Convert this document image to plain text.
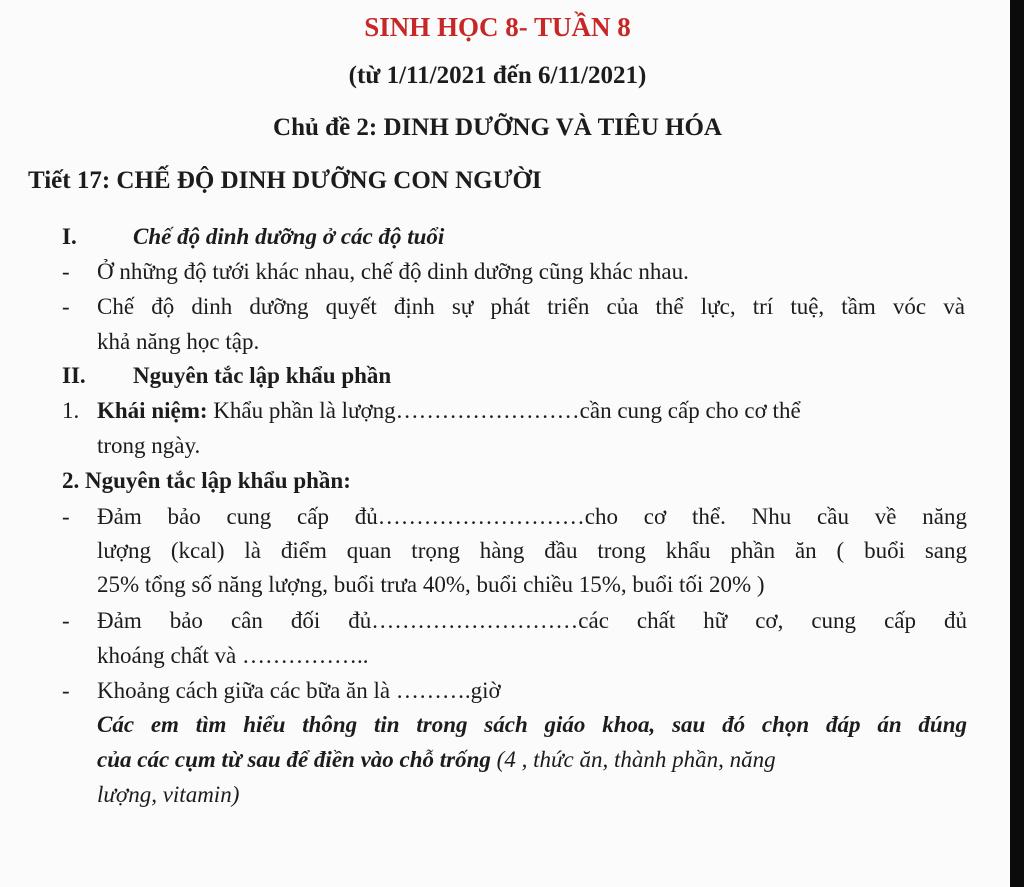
SINH HỌC 8- TUẦN 8
(từ 1/11/2021 đến 6/11/2021)
Chủ đề 2: DINH DƯỠNG VÀ TIÊU HÓA
Tiết 17: CHẾ ĐỘ DINH DƯỠNG CON NGƯỜI
I. Chế độ dinh dưỡng ở các độ tuổi
- Ở những độ tưới khác nhau, chế độ dinh dưỡng cũng khác nhau.
- Chế độ dinh dưỡng quyết định sự phát triển của thể lực, trí tuệ, tầm vóc và
khả năng học tập.
II. Nguyên tắc lập khẩu phần
1. Khái niệm: Khẩu phần là lượng……………………cần cung cấp cho cơ thể
trong ngày.
2. Nguyên tắc lập khẩu phần:
- Đảm bảo cung cấp đủ………………………cho cơ thể. Nhu cầu về năng
lượng (kcal) là điểm quan trọng hàng đầu trong khẩu phần ăn ( buổi sang
25% tổng số năng lượng, buổi trưa 40%, buổi chiều 15%, buổi tối 20% )
- Đảm bảo cân đối đủ………………………các chất hữ cơ, cung cấp đủ
khoáng chất và ……………..
- Khoảng cách giữa các bữa ăn là ……….giờ
Các em tìm hiểu thông tin trong sách giáo khoa, sau đó chọn đáp án đúng
của các cụm từ sau để điền vào chỗ trống (4 , thức ăn, thành phần, năng
lượng, vitamin)
